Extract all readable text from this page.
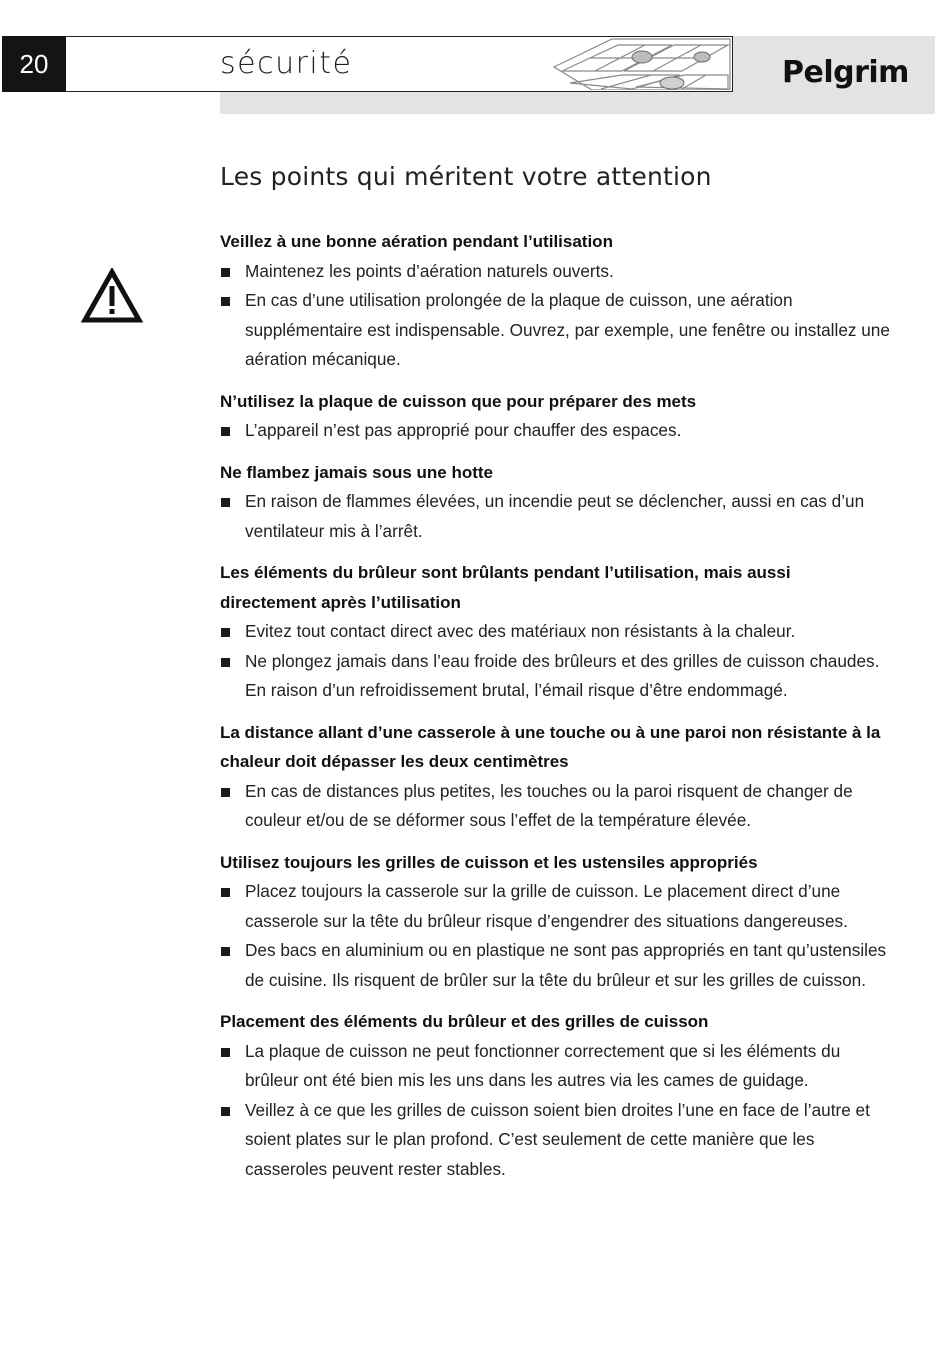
20	sécurité	Pelgrim
Les points qui méritent votre attention
Veillez à une bonne aération pendant l’utilisation
Maintenez les points d’aération naturels ouverts.
En cas d’une utilisation prolongée de la plaque de cuisson, une aération supplémentaire est indispensable. Ouvrez, par exemple, une fenêtre ou installez une aération mécanique.
N’utilisez la plaque de cuisson que pour préparer des mets
L’appareil n’est pas approprié pour chauffer des espaces.
Ne flambez jamais sous une hotte
En raison de flammes élevées, un incendie peut se déclencher, aussi en cas d’un ventilateur mis à l’arrêt.
Les éléments du brûleur sont brûlants pendant l’utilisation, mais aussi directement après l’utilisation
Evitez tout contact direct avec des matériaux non résistants à la chaleur.
Ne plongez jamais dans l’eau froide des brûleurs et des grilles de cuisson chaudes. En raison d’un refroidissement brutal, l’émail risque d’être endommagé.
La distance allant d’une casserole à une touche ou à une paroi non résistante à la chaleur doit dépasser les deux centimètres
En cas de distances plus petites, les touches ou la paroi risquent de changer de couleur et/ou de se déformer sous l’effet de la température élevée.
Utilisez toujours les grilles de cuisson et les ustensiles appropriés
Placez toujours la casserole sur la grille de cuisson. Le placement direct d’une casserole sur la tête du brûleur risque d’engendrer des situations dangereuses.
Des bacs en aluminium ou en plastique ne sont pas appropriés en tant qu’ustensiles de cuisine. Ils risquent de brûler sur la tête du brûleur et sur les grilles de cuisson.
Placement des éléments du brûleur et des grilles de cuisson
La plaque de cuisson ne peut fonctionner correctement que si les éléments du brûleur ont été bien mis les uns dans les autres via les cames de guidage.
Veillez à ce que les grilles de cuisson soient bien droites l’une en face de l’autre et soient plates sur le plan profond. C’est seulement de cette manière que les casseroles peuvent rester stables.
